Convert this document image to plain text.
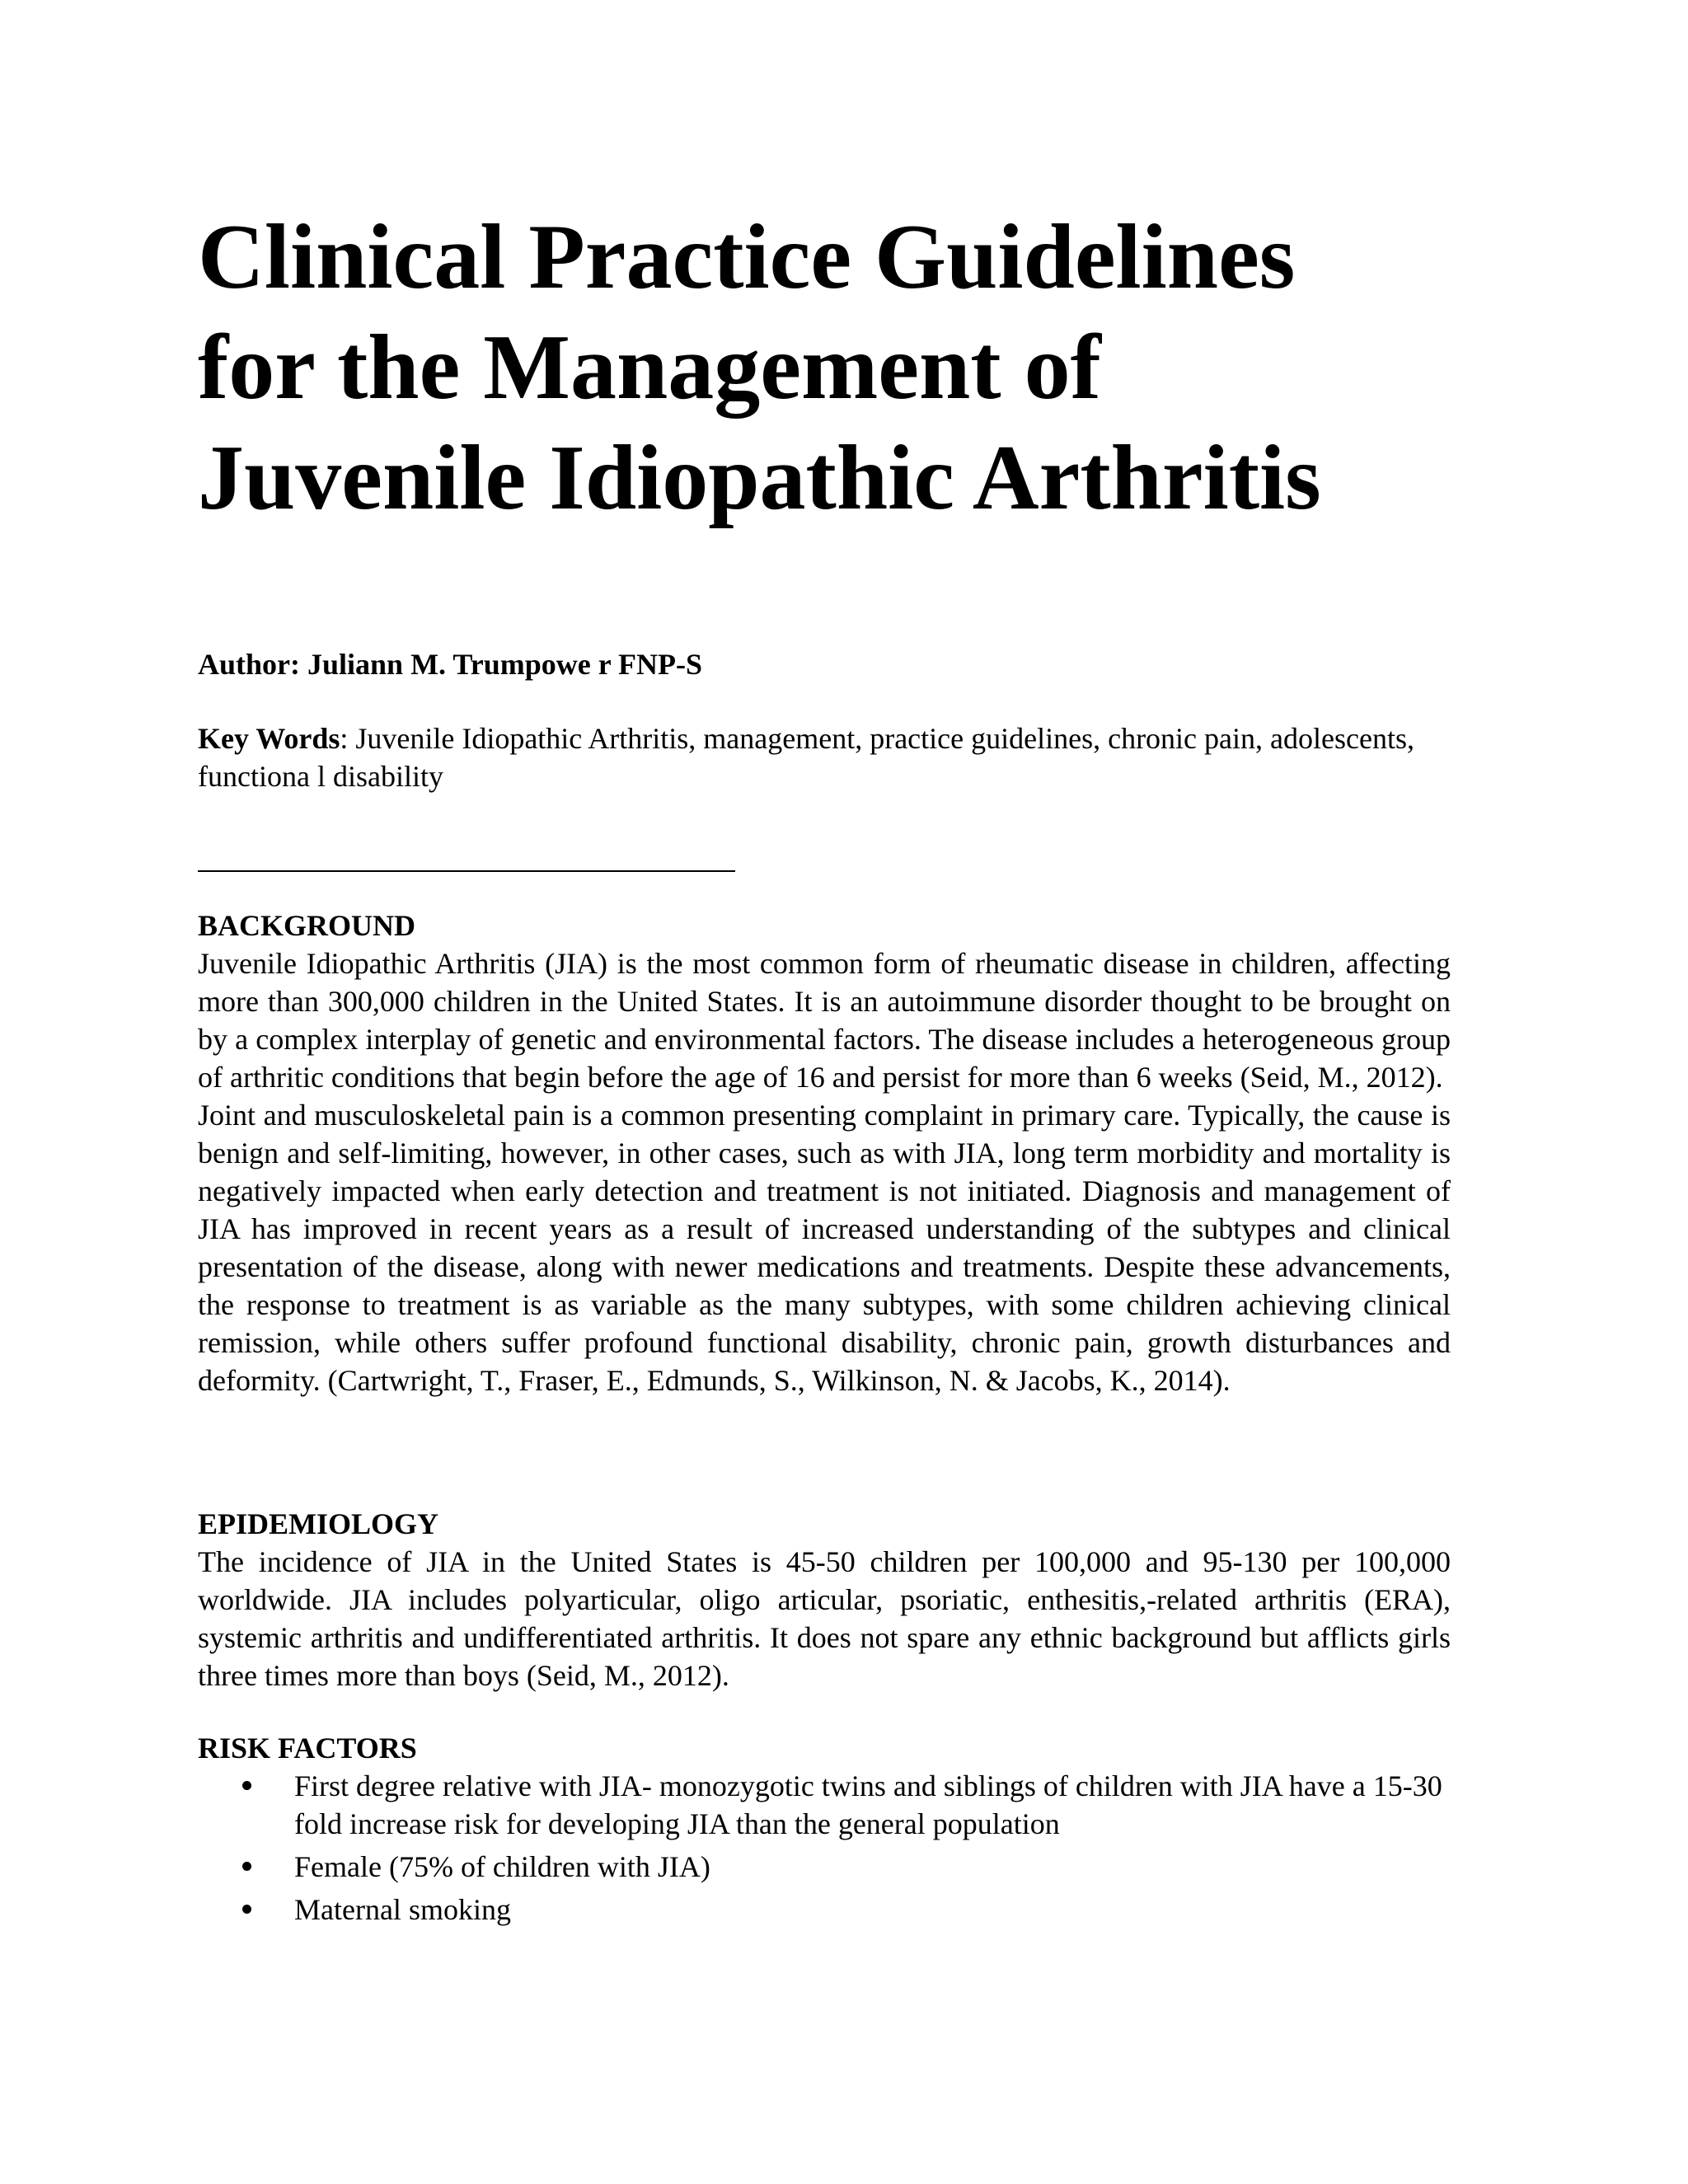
Clinical Practice Guidelines
for the Management of
Juvenile Idiopathic Arthritis
Author: Juliann M. Trumpowe r FNP-S
Key Words: Juvenile Idiopathic Arthritis, management, practice guidelines, chronic pain, adolescents, functiona l disability
BACKGROUND

Juvenile Idiopathic Arthritis (JIA) is the most common form of rheumatic disease in children, affecting more than 300,000 children in the United States. It is an autoimmune disorder thought to be brought on by a complex interplay of genetic and environmental factors. The disease includes a heterogeneous group of arthritic conditions that begin before the age of 16 and persist for more than 6 weeks (Seid, M., 2012).

Joint and musculoskeletal pain is a common presenting complaint in primary care. Typically, the cause is benign and self-limiting, however, in other cases, such as with JIA, long term morbidity and mortality is negatively impacted when early detection and treatment is not initiated. Diagnosis and management of JIA has improved in recent years as a result of increased understanding of the subtypes and clinical presentation of the disease, along with newer medications and treatments. Despite these advancements, the response to treatment is as variable as the many subtypes, with some children achieving clinical remission, while others suffer profound functional disability, chronic pain, growth disturbances and deformity. (Cartwright, T., Fraser, E., Edmunds, S., Wilkinson, N. & Jacobs, K., 2014).

EPIDEMIOLOGY

The incidence of JIA in the United States is 45-50 children per 100,000 and 95-130 per 100,000 worldwide. JIA includes polyarticular, oligo articular, psoriatic, enthesitis,-related arthritis (ERA), systemic arthritis and undifferentiated arthritis. It does not spare any ethnic background but afflicts girls three times more than boys (Seid, M., 2012).

RISK FACTORS
First degree relative with JIA- monozygotic twins and siblings of children with JIA have a 15-30 fold increase risk for developing JIA than the general population
Female (75% of children with JIA)
Maternal smoking
